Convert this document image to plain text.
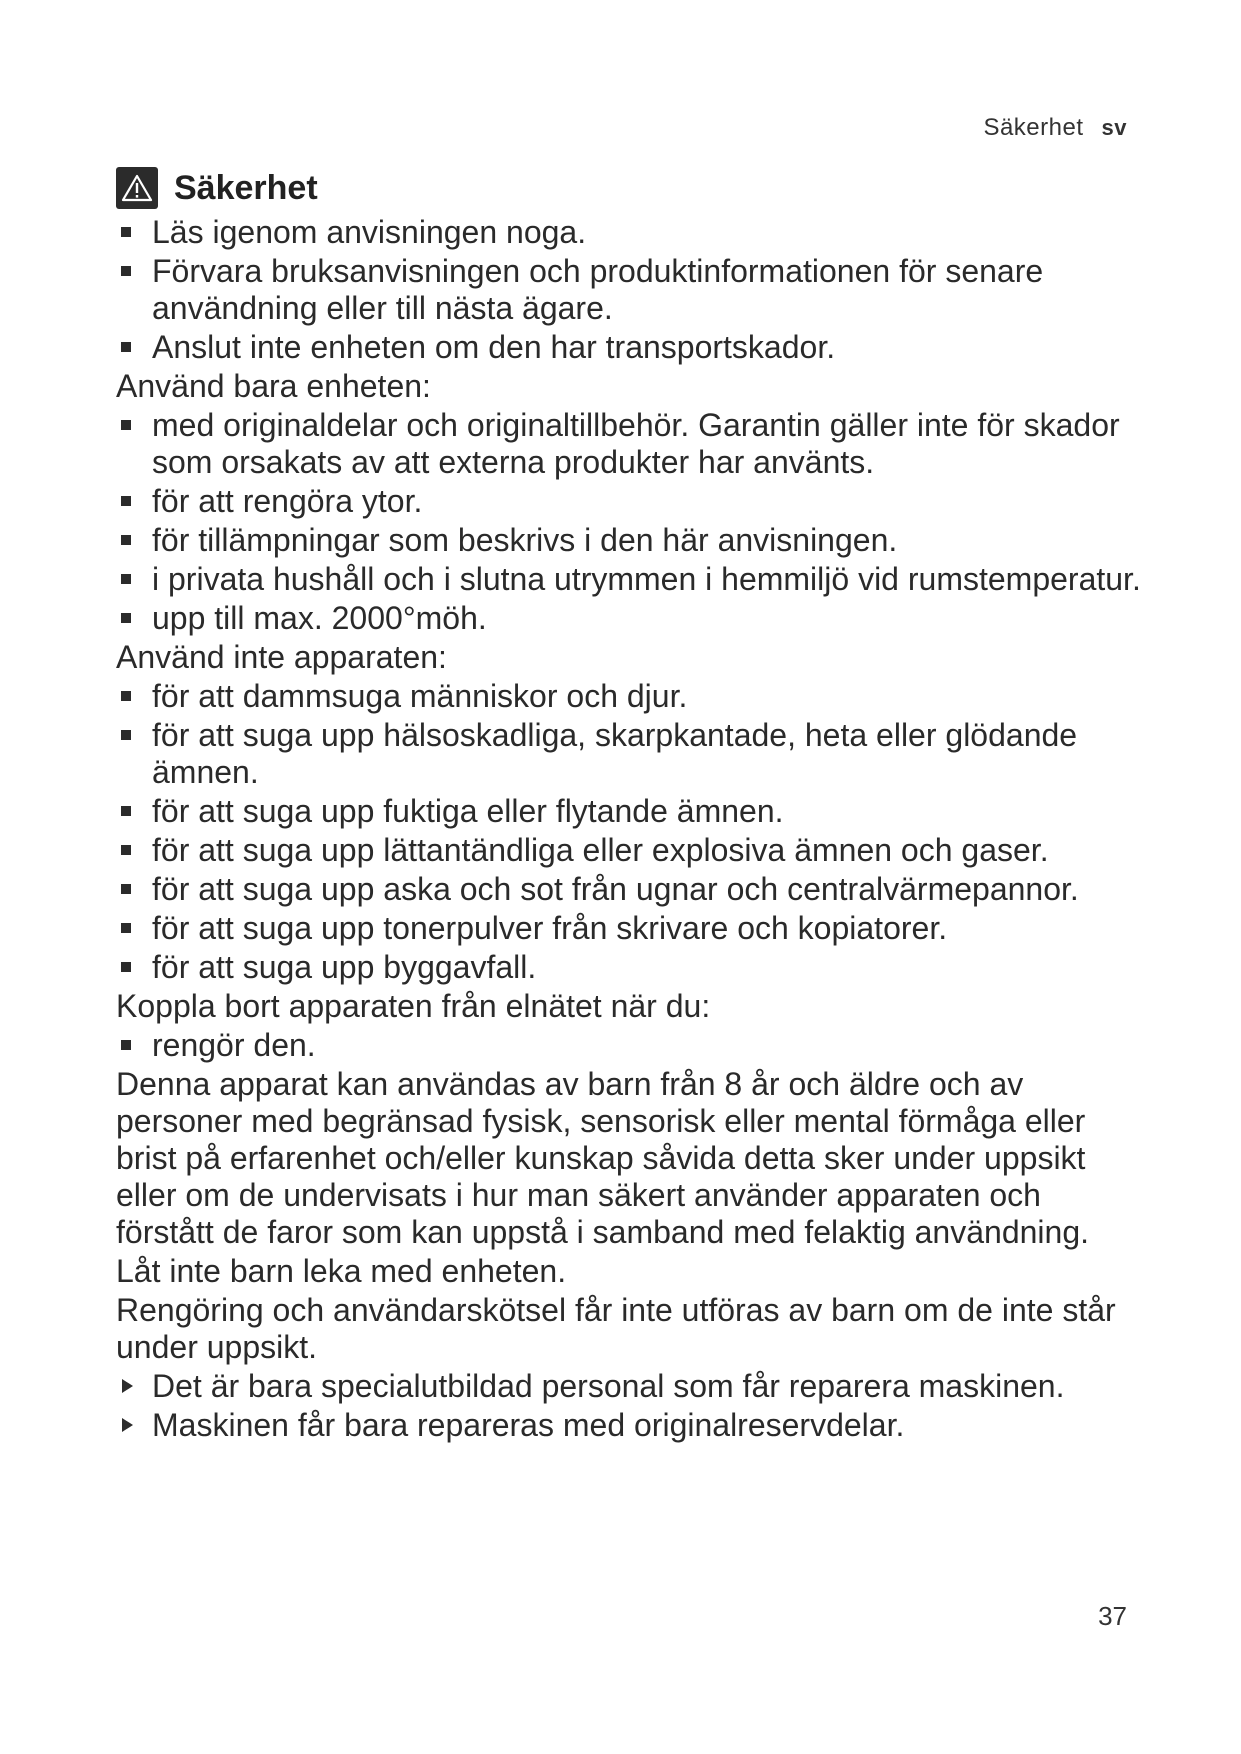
Säkerhet sv
Säkerhet
Läs igenom anvisningen noga.
Förvara bruksanvisningen och produktinformationen för senare användning eller till nästa ägare.
Anslut inte enheten om den har transportskador.
Använd bara enheten:
med originaldelar och originaltillbehör. Garantin gäller inte för skador som orsakats av att externa produkter har använts.
för att rengöra ytor.
för tillämpningar som beskrivs i den här anvisningen.
i privata hushåll och i slutna utrymmen i hemmiljö vid rumstemperatur.
upp till max. 2000°möh.
Använd inte apparaten:
för att dammsuga människor och djur.
för att suga upp hälsoskadliga, skarpkantade, heta eller glödande ämnen.
för att suga upp fuktiga eller flytande ämnen.
för att suga upp lättantändliga eller explosiva ämnen och gaser.
för att suga upp aska och sot från ugnar och centralvärmepannor.
för att suga upp tonerpulver från skrivare och kopiatorer.
för att suga upp byggavfall.
Koppla bort apparaten från elnätet när du:
rengör den.
Denna apparat kan användas av barn från 8 år och äldre och av personer med begränsad fysisk, sensorisk eller mental förmåga eller brist på erfarenhet och/eller kunskap såvida detta sker under uppsikt eller om de undervisats i hur man säkert använder apparaten och förstått de faror som kan uppstå i samband med felaktig användning.
Låt inte barn leka med enheten.
Rengöring och användarskötsel får inte utföras av barn om de inte står under uppsikt.
Det är bara specialutbildad personal som får reparera maskinen.
Maskinen får bara repareras med originalreservdelar.
37
